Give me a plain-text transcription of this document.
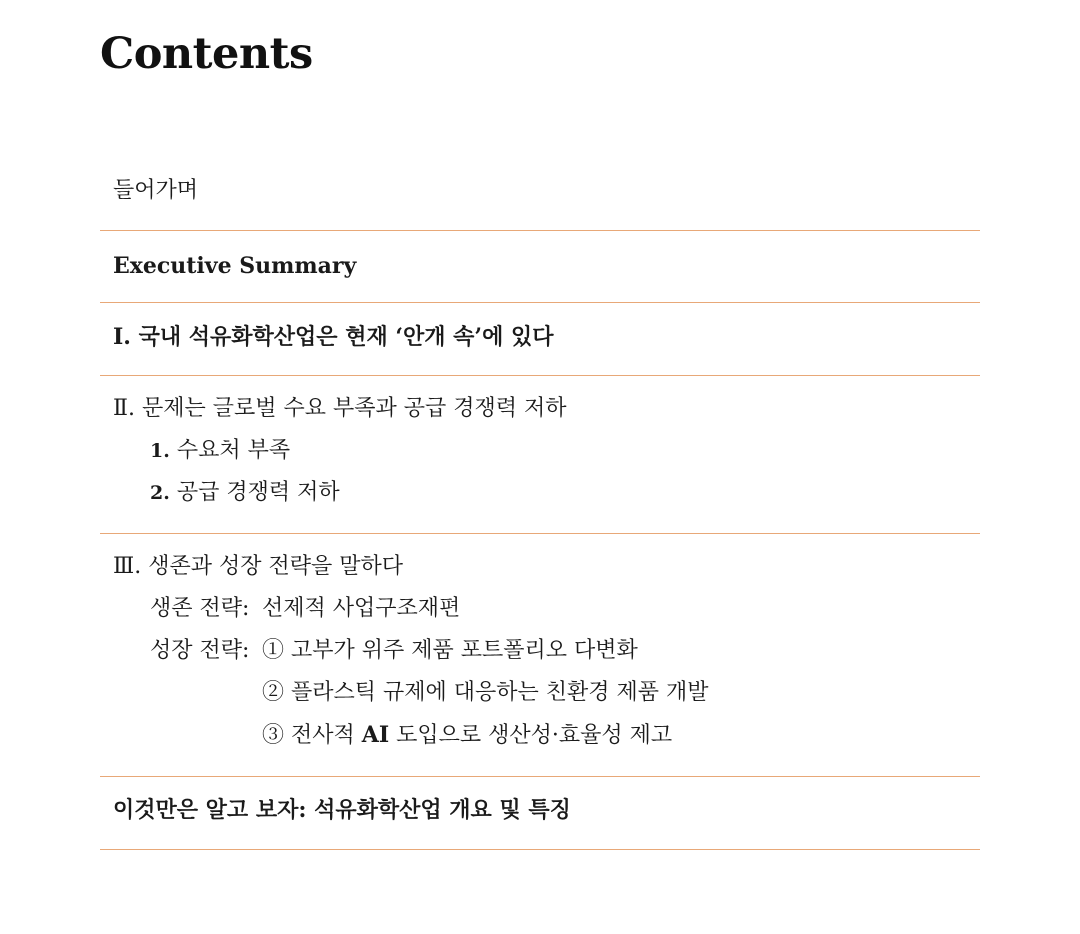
Contents
들어가며
Executive Summary
Ⅰ. 국내 석유화학산업은 현재 ‘안개 속’에 있다
Ⅱ. 문제는 글로벌 수요 부족과 공급 경쟁력 저하
1. 수요처 부족
2. 공급 경쟁력 저하
Ⅲ. 생존과 성장 전략을 말하다
생존 전략: 선제적 사업구조재편
성장 전략: ① 고부가 위주 제품 포트폴리오 다변화
② 플라스틱 규제에 대응하는 친환경 제품 개발
③ 전사적 AI 도입으로 생산성·효율성 제고
이것만은 알고 보자: 석유화학산업 개요 및 특징
